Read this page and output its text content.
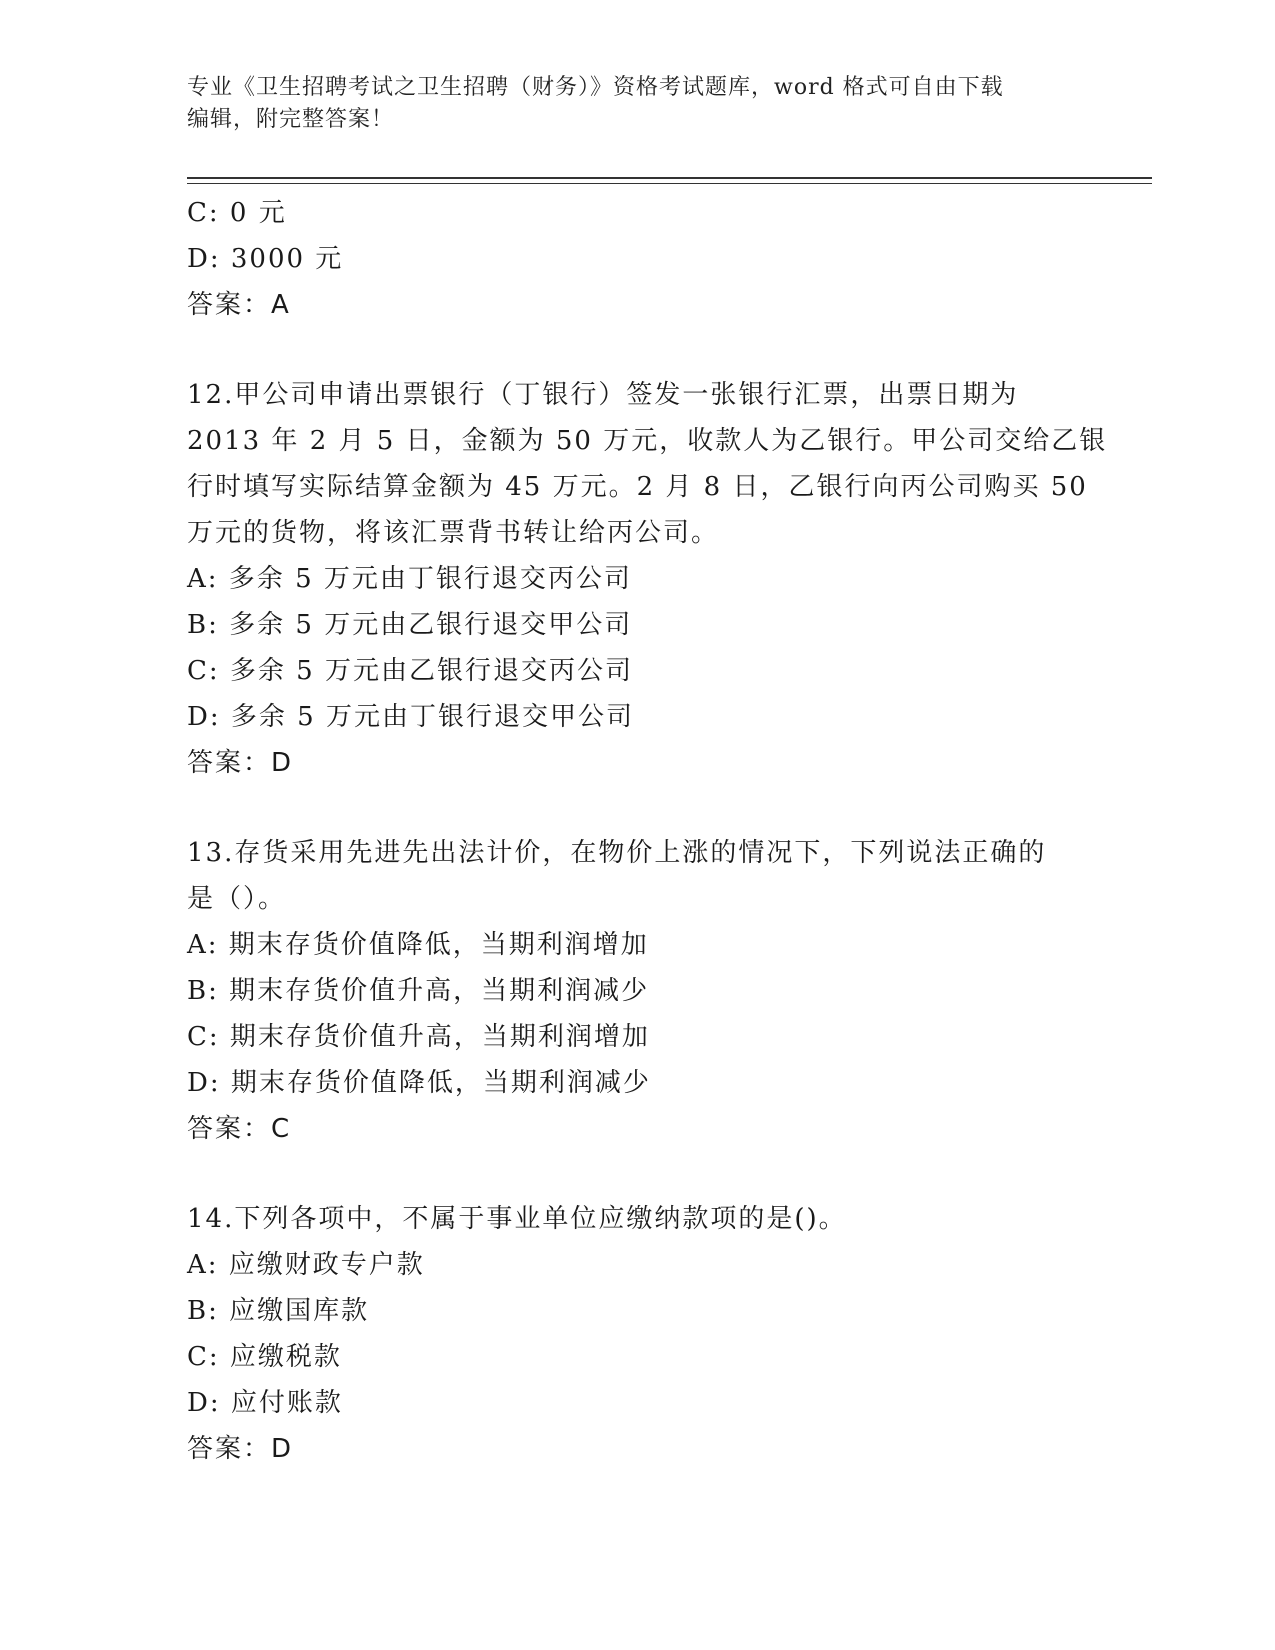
专业《卫生招聘考试之卫生招聘（财务）》资格考试题库，word 格式可自由下载
编辑，附完整答案！
C: 0 元
D: 3000 元
答案：A
12.甲公司申请出票银行（丁银行）签发一张银行汇票，出票日期为
2013 年 2 月 5 日，金额为 50 万元，收款人为乙银行。甲公司交给乙银
行时填写实际结算金额为 45 万元。2 月 8 日，乙银行向丙公司购买 50
万元的货物，将该汇票背书转让给丙公司。
A: 多余 5 万元由丁银行退交丙公司
B: 多余 5 万元由乙银行退交甲公司
C: 多余 5 万元由乙银行退交丙公司
D: 多余 5 万元由丁银行退交甲公司
答案：D
13.存货采用先进先出法计价，在物价上涨的情况下，下列说法正确的
是（）。
A: 期末存货价值降低，当期利润增加
B: 期末存货价值升高，当期利润减少
C: 期末存货价值升高，当期利润增加
D: 期末存货价值降低，当期利润减少
答案：C
14.下列各项中，不属于事业单位应缴纳款项的是()。
A: 应缴财政专户款
B: 应缴国库款
C: 应缴税款
D: 应付账款
答案：D
